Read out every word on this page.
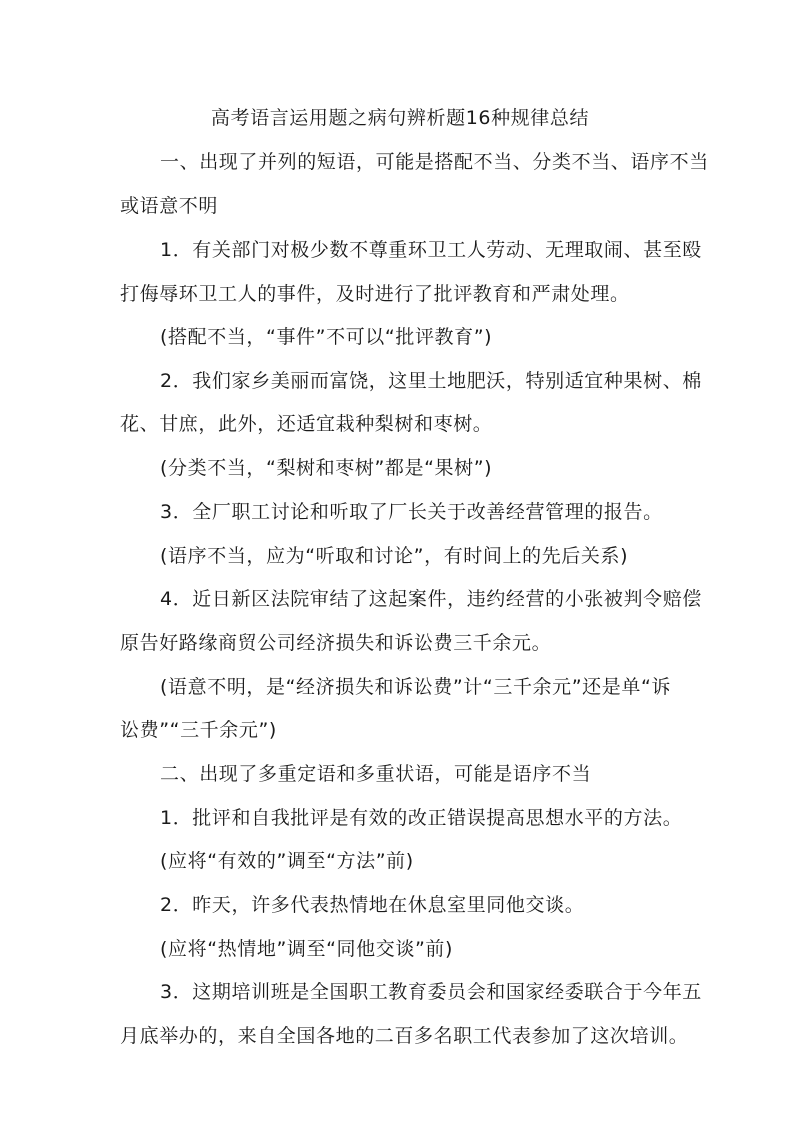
高考语言运用题之病句辨析题16种规律总结
一、出现了并列的短语，可能是搭配不当、分类不当、语序不当
或语意不明
1．有关部门对极少数不尊重环卫工人劳动、无理取闹、甚至殴
打侮辱环卫工人的事件，及时进行了批评教育和严肃处理。
(搭配不当，“事件”不可以“批评教育”)
2．我们家乡美丽而富饶，这里土地肥沃，特别适宜种果树、棉
花、甘庶，此外，还适宜栽种梨树和枣树。
(分类不当，“梨树和枣树”都是“果树”)
3．全厂职工讨论和听取了厂长关于改善经营管理的报告。
(语序不当，应为“听取和讨论”，有时间上的先后关系)
4．近日新区法院审结了这起案件，违约经营的小张被判令赔偿
原告好路缘商贸公司经济损失和诉讼费三千余元。
(语意不明，是“经济损失和诉讼费”计“三千余元”还是单“诉
讼费”“三千余元”)
二、出现了多重定语和多重状语，可能是语序不当
1．批评和自我批评是有效的改正错误提高思想水平的方法。
(应将“有效的”调至“方法”前)
2．昨天，许多代表热情地在休息室里同他交谈。
(应将“热情地”调至“同他交谈”前)
3．这期培训班是全国职工教育委员会和国家经委联合于今年五
月底举办的，来自全国各地的二百多名职工代表参加了这次培训。
